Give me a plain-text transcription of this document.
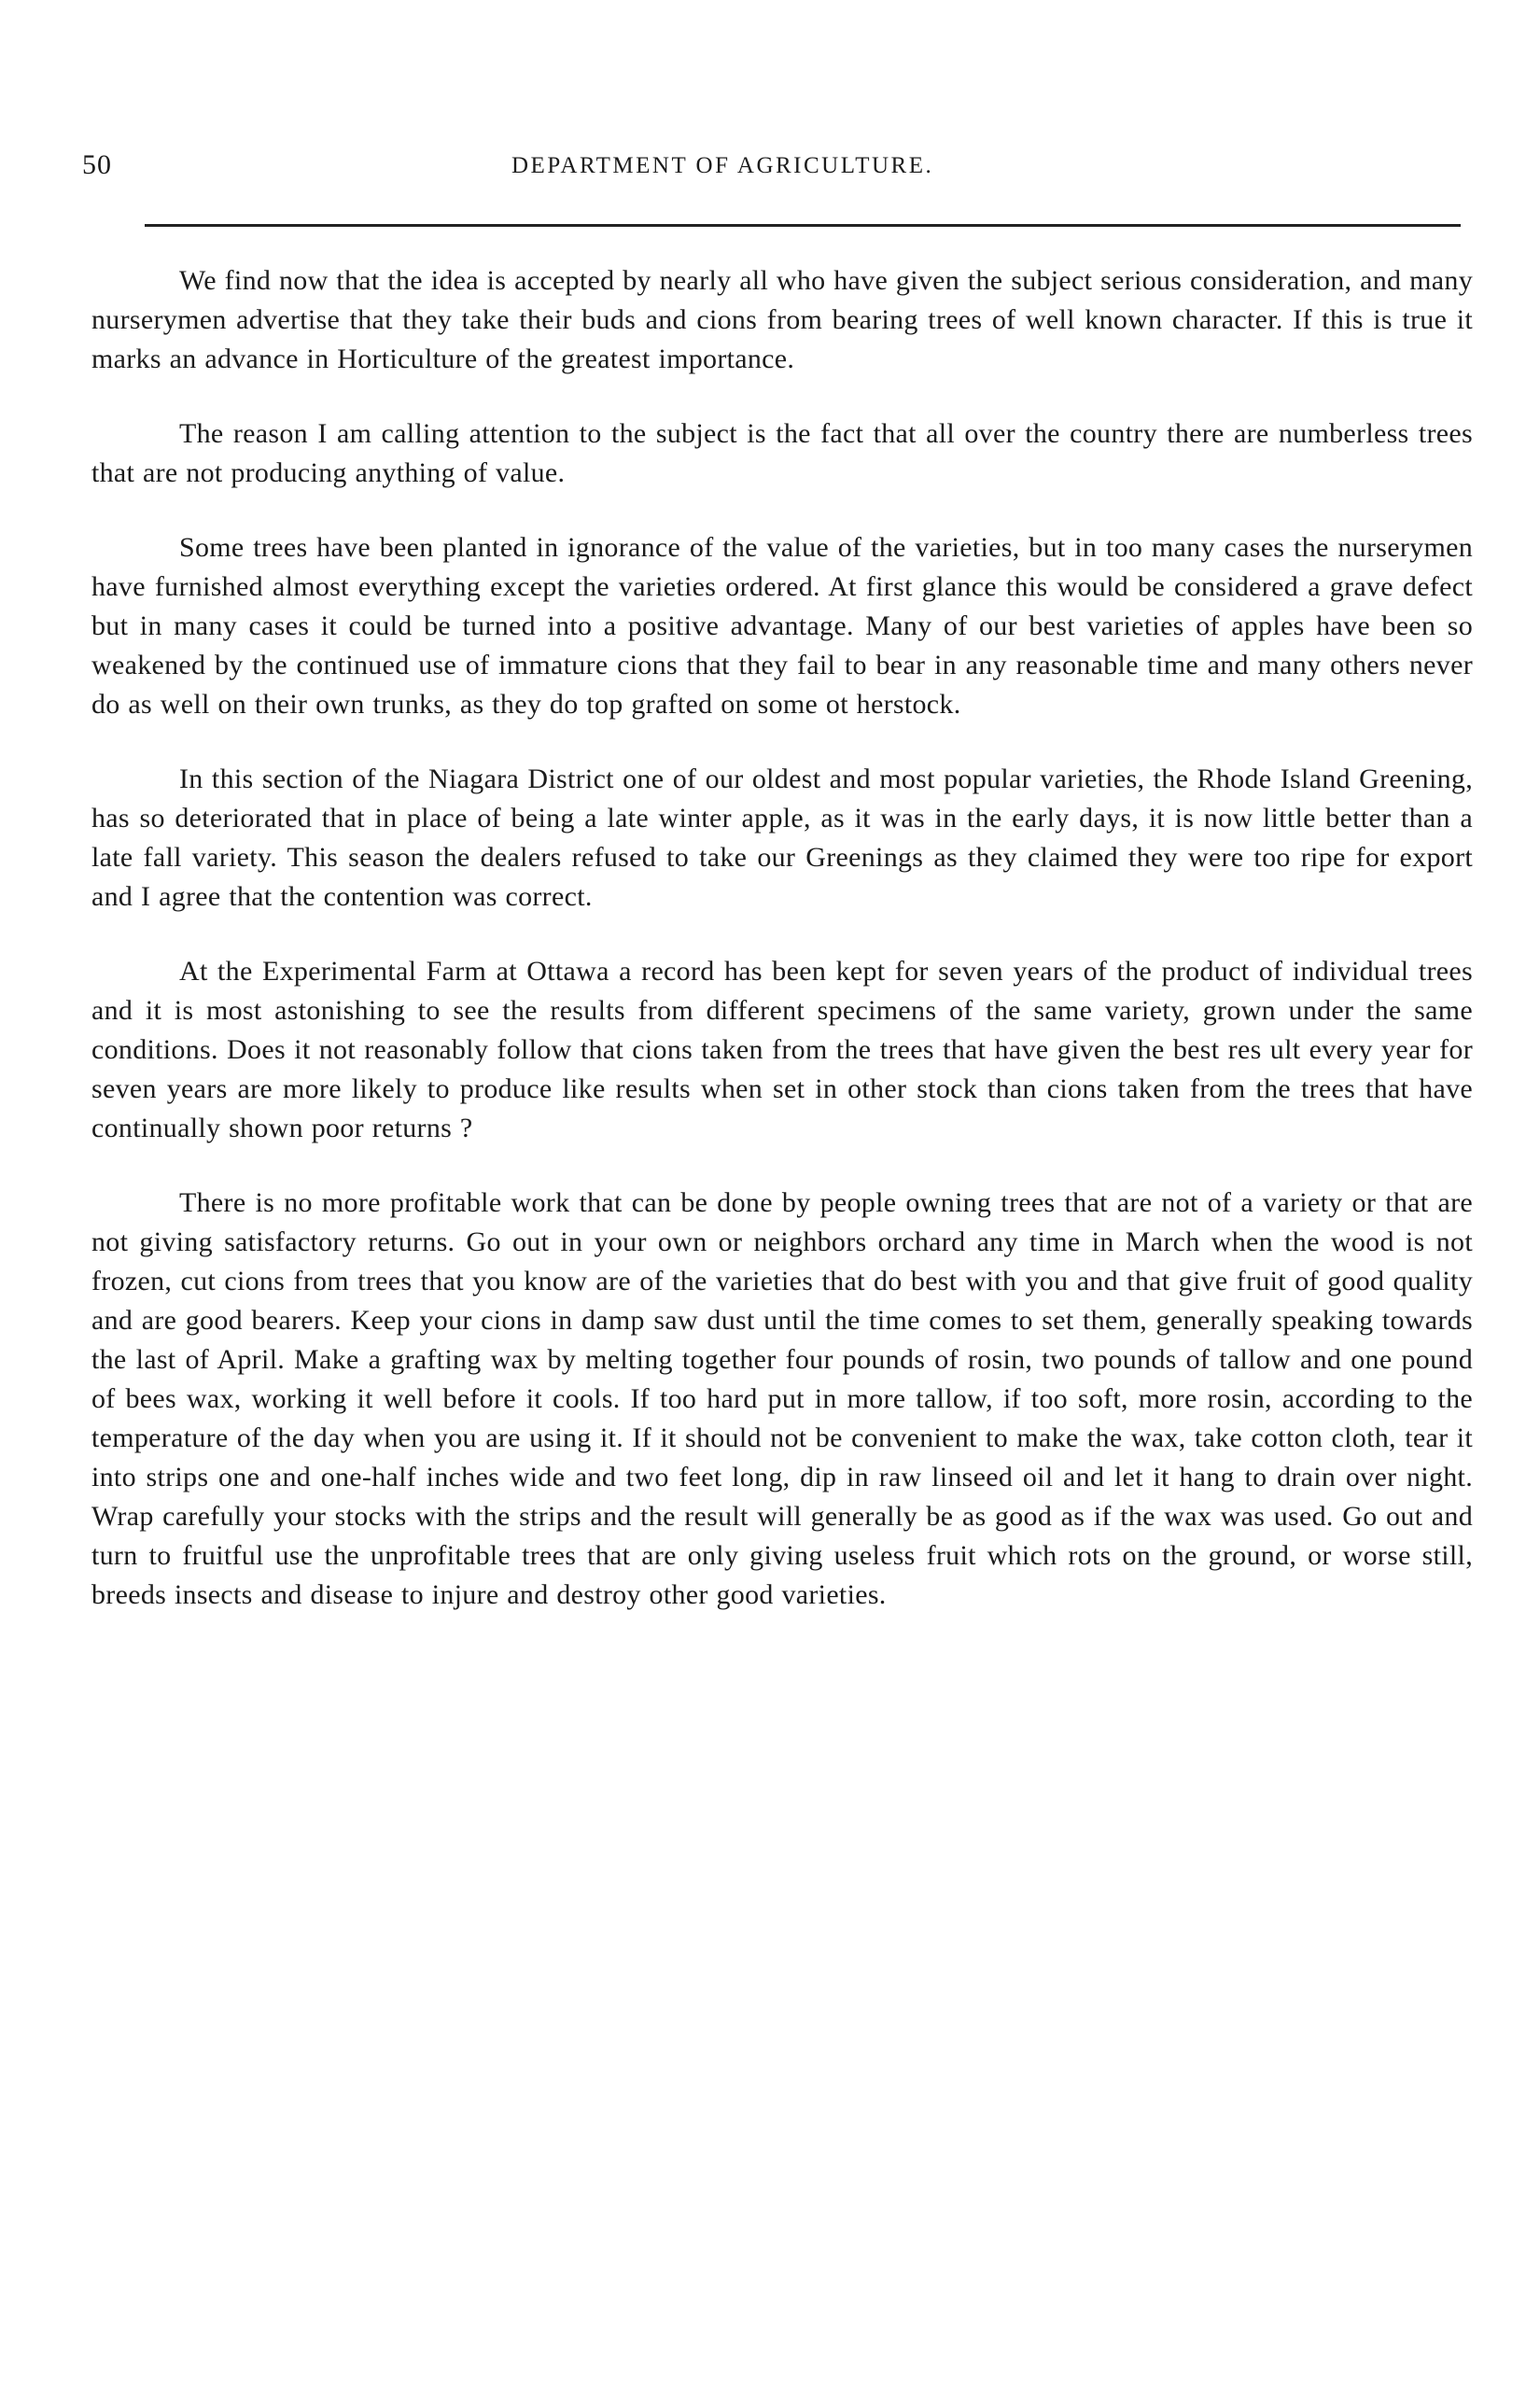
50	DEPARTMENT OF AGRICULTURE.

We find now that the idea is accepted by nearly all who have given the subject serious consideration, and many nurserymen advertise that they take their buds and cions from bearing trees of well known character. If this is true it marks an advance in Horticulture of the greatest importance.

The reason I am calling attention to the subject is the fact that all over the country there are numberless trees that are not producing anything of value.

Some trees have been planted in ignorance of the value of the varieties, but in too many cases the nurserymen have furnished almost everything except the varieties ordered. At first glance this would be considered a grave defect but in many cases it could be turned into a positive advantage. Many of our best varieties of apples have been so weakened by the continued use of immature cions that they fail to bear in any reasonable time and many others never do as well on their own trunks, as they do top grafted on some ot herstock.

In this section of the Niagara District one of our oldest and most popular varieties, the Rhode Island Greening, has so deteriorated that in place of being a late winter apple, as it was in the early days, it is now little better than a late fall variety. This season the dealers refused to take our Greenings as they claimed they were too ripe for export and I agree that the contention was correct.

At the Experimental Farm at Ottawa a record has been kept for seven years of the product of individual trees and it is most astonishing to see the results from different specimens of the same variety, grown under the same conditions. Does it not reasonably follow that cions taken from the trees that have given the best res ult every year for seven years are more likely to produce like results when set in other stock than cions taken from the trees that have continually shown poor returns ?

There is no more profitable work that can be done by people owning trees that are not of a variety or that are not giving satisfactory returns. Go out in your own or neighbors orchard any time in March when the wood is not frozen, cut cions from trees that you know are of the varieties that do best with you and that give fruit of good quality and are good bearers. Keep your cions in damp saw dust until the time comes to set them, generally speaking towards the last of April. Make a grafting wax by melting together four pounds of rosin, two pounds of tallow and one pound of bees wax, working it well before it cools. If too hard put in more tallow, if too soft, more rosin, according to the temperature of the day when you are using it. If it should not be convenient to make the wax, take cotton cloth, tear it into strips one and one-half inches wide and two feet long, dip in raw linseed oil and let it hang to drain over night. Wrap carefully your stocks with the strips and the result will generally be as good as if the wax was used. Go out and turn to fruitful use the unprofitable trees that are only giving useless fruit which rots on the ground, or worse still, breeds insects and disease to injure and destroy other good varieties.
